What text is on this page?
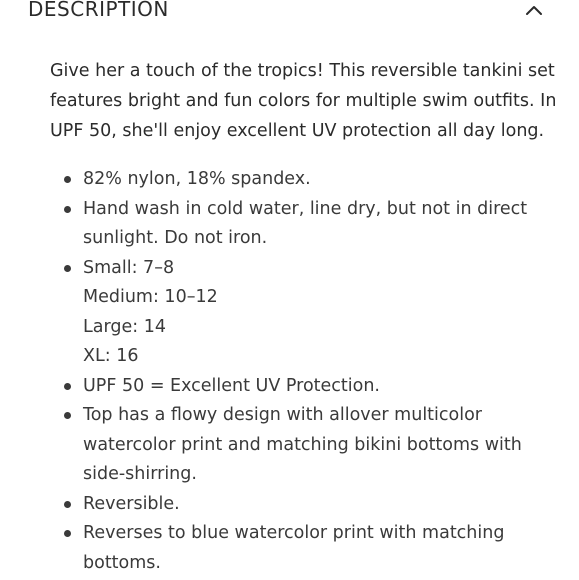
DESCRIPTION

Give her a touch of the tropics! This reversible tankini set
features bright and fun colors for multiple swim outfits. In
UPF 50, she'll enjoy excellent UV protection all day long.

82% nylon, 18% spandex.
Hand wash in cold water, line dry, but not in direct
sunlight. Do not iron.
Small: 7–8
Medium: 10–12
Large: 14
XL: 16
UPF 50 = Excellent UV Protection.
Top has a flowy design with allover multicolor
watercolor print and matching bikini bottoms with
side-shirring.
Reversible.
Reverses to blue watercolor print with matching
bottoms.
